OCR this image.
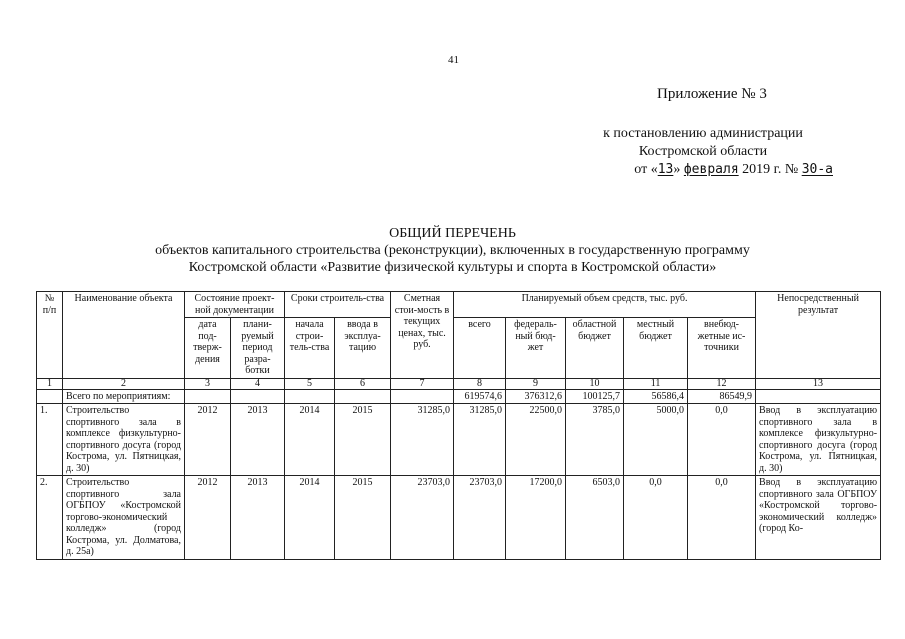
41
Приложение № 3
к постановлению администрации
Костромской области
от «13» февраля 2019 г. № 30-а
ОБЩИЙ ПЕРЕЧЕНЬ
объектов капитального строительства (реконструкции), включенных в государственную программу
Костромской области «Развитие физической культуры и спорта в Костромской области»
№ п/п	Наименование объекта	Состояние проект-ной документации		Сроки строитель-ства		Сметная стои-мость в текущих ценах, тыс. руб.	Планируемый объем средств, тыс. руб.					Непосредственный результат
		дата под-тверж-дения	плани-руемый период разра-ботки	начала строи-тель-ства	ввода в эксплуа-тацию		всего	федераль-ный бюд-жет	областной бюджет	местный бюджет	внебюд-жетные ис-точники	
1	2	3	4	5	6	7	8	9	10	11	12	13
	Всего по мероприятиям:						619574,6	376312,6	100125,7	56586,4	86549,9	
1.	Строительство спортивного зала в комплексе физкультурно-спортивного досуга (город Кострома, ул. Пятницкая, д. 30)	2012	2013	2014	2015	31285,0	31285,0	22500,0	3785,0	5000,0	0,0	Ввод в эксплуатацию спортивного зала в комплексе физкультурно-спортивного досуга (город Кострома, ул. Пятницкая, д. 30)
2.	Строительство спортивного зала ОГБПОУ «Костромской торгово-экономический колледж» (город Кострома, ул. Долматова, д. 25а)	2012	2013	2014	2015	23703,0	23703,0	17200,0	6503,0	0,0	0,0	Ввод в эксплуатацию спортивного зала ОГБПОУ «Костромской торгово-экономический колледж» (город Ко-
